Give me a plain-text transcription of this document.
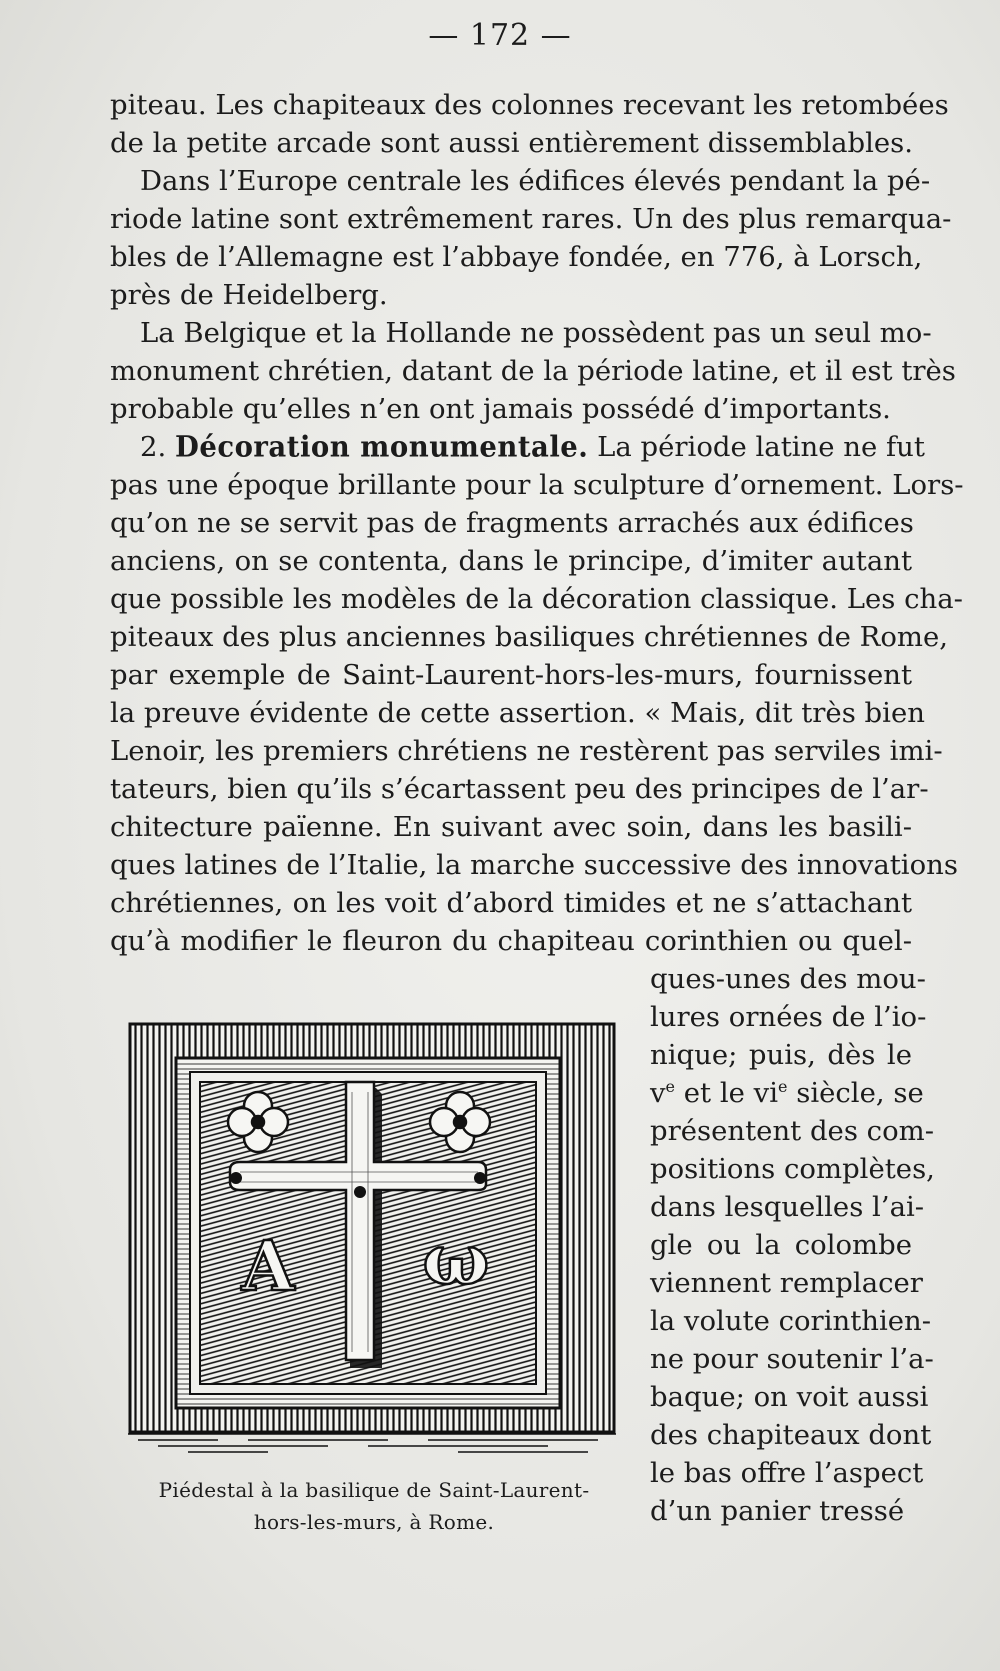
— 172 —
piteau. Les chapiteaux des colonnes recevant les retombées
de la petite arcade sont aussi entièrement dissemblables.
Dans l’Europe centrale les édifices élevés pendant la pé-
riode latine sont extrêmement rares. Un des plus remarqua-
bles de l’Allemagne est l’abbaye fondée, en 776, à Lorsch,
près de Heidelberg.
La Belgique et la Hollande ne possèdent pas un seul mo-
monument chrétien, datant de la période latine, et il est très
probable qu’elles n’en ont jamais possédé d’importants.
2. Décoration monumentale. La période latine ne fut
pas une époque brillante pour la sculpture d’ornement. Lors-
qu’on ne se servit pas de fragments arrachés aux édifices
anciens, on se contenta, dans le principe, d’imiter autant
que possible les modèles de la décoration classique. Les cha-
piteaux des plus anciennes basiliques chrétiennes de Rome,
par exemple de Saint-Laurent-hors-les-murs, fournissent
la preuve évidente de cette assertion. « Mais, dit très bien
Lenoir, les premiers chrétiens ne restèrent pas serviles imi-
tateurs, bien qu’ils s’écartassent peu des principes de l’ar-
chitecture païenne. En suivant avec soin, dans les basili-
ques latines de l’Italie, la marche successive des innovations
chrétiennes, on les voit d’abord timides et ne s’attachant
qu’à modifier le fleuron du chapiteau corinthien ou quel-
ques-unes des mou-
lures ornées de l’io-
nique; puis, dès le
$v^e$ et le $vi^e$ siècle, se
présentent des com-
positions complètes,
dans lesquelles l’ai-
gle ou la colombe
viennent remplacer
la volute corinthien-
ne pour soutenir l’a-
baque; on voit aussi
des chapiteaux dont
le bas offre l’aspect
d’un panier tressé
A ω
Piédestal à la basilique de Saint-Laurent-
hors-les-murs, à Rome.
